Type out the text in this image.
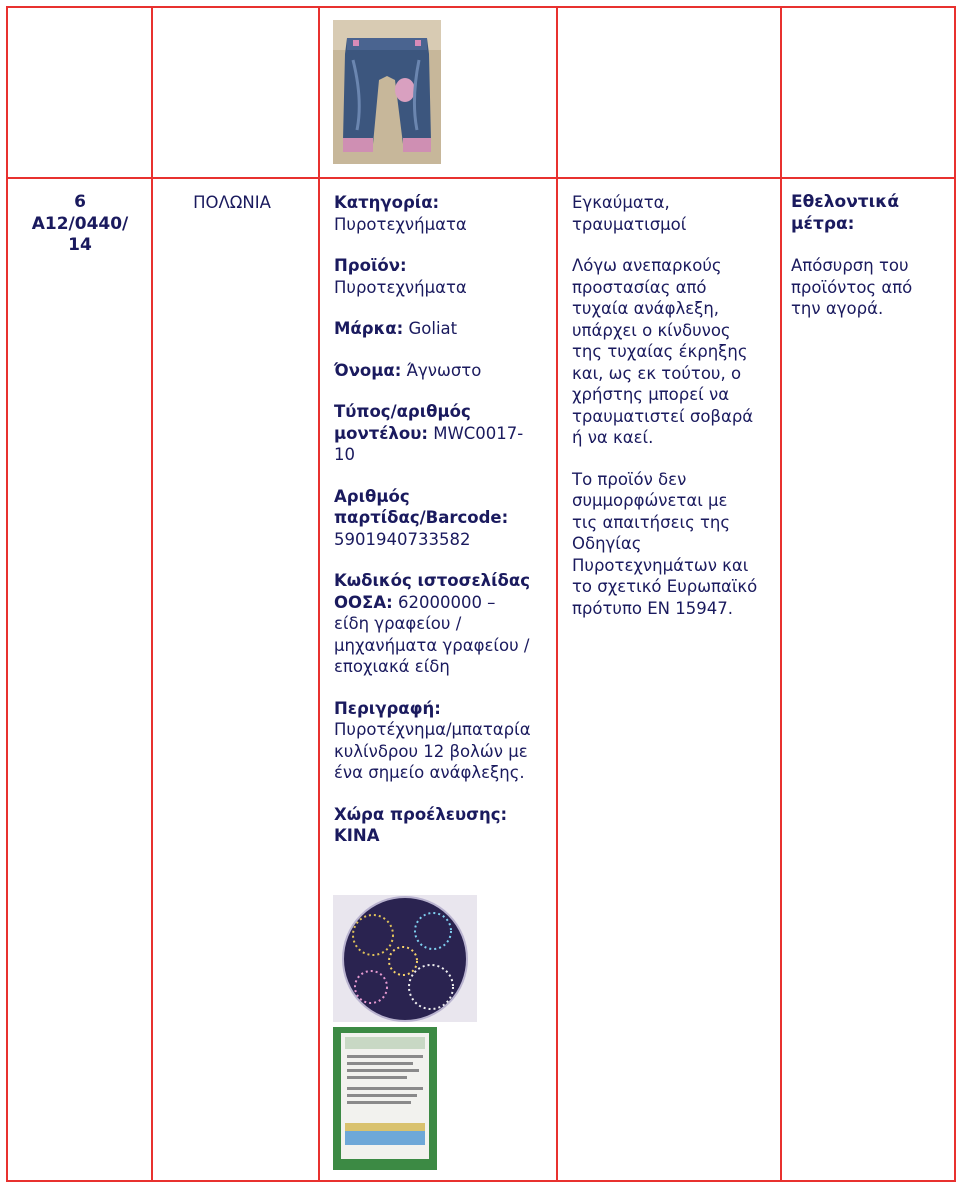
6
A12/0440/
14
ΠΟΛΩΝΙΑ	Κατηγορία:
Πυροτεχνήματα
Προϊόν:
Πυροτεχνήματα
Μάρκα: Goliat
Όνομα: Άγνωστο
Τύπος/αριθμός
μοντέλου: MWC0017-
10
Αριθμός
παρτίδας/Barcode:
5901940733582
Κωδικός ιστοσελίδας
ΟΟΣΑ: 62000000 –
είδη γραφείου /
μηχανήματα γραφείου /
εποχιακά είδη
Περιγραφή:
Πυροτέχνημα/μπαταρία
κυλίνδρου 12 βολών με
ένα σημείο ανάφλεξης.
Χώρα προέλευσης:
ΚΙΝΑ
Εγκαύματα,
τραυματισμοί
Λόγω ανεπαρκούς
προστασίας από
τυχαία ανάφλεξη,
υπάρχει ο κίνδυνος
της τυχαίας έκρηξης
και, ως εκ τούτου, ο
χρήστης μπορεί να
τραυματιστεί σοβαρά
ή να καεί.
Το προϊόν δεν
συμμορφώνεται με
τις απαιτήσεις της
Οδηγίας
Πυροτεχνημάτων και
το σχετικό Ευρωπαϊκό
πρότυπο EN 15947.
Εθελοντικά
μέτρα:
Απόσυρση του
προϊόντος από
την αγορά.
